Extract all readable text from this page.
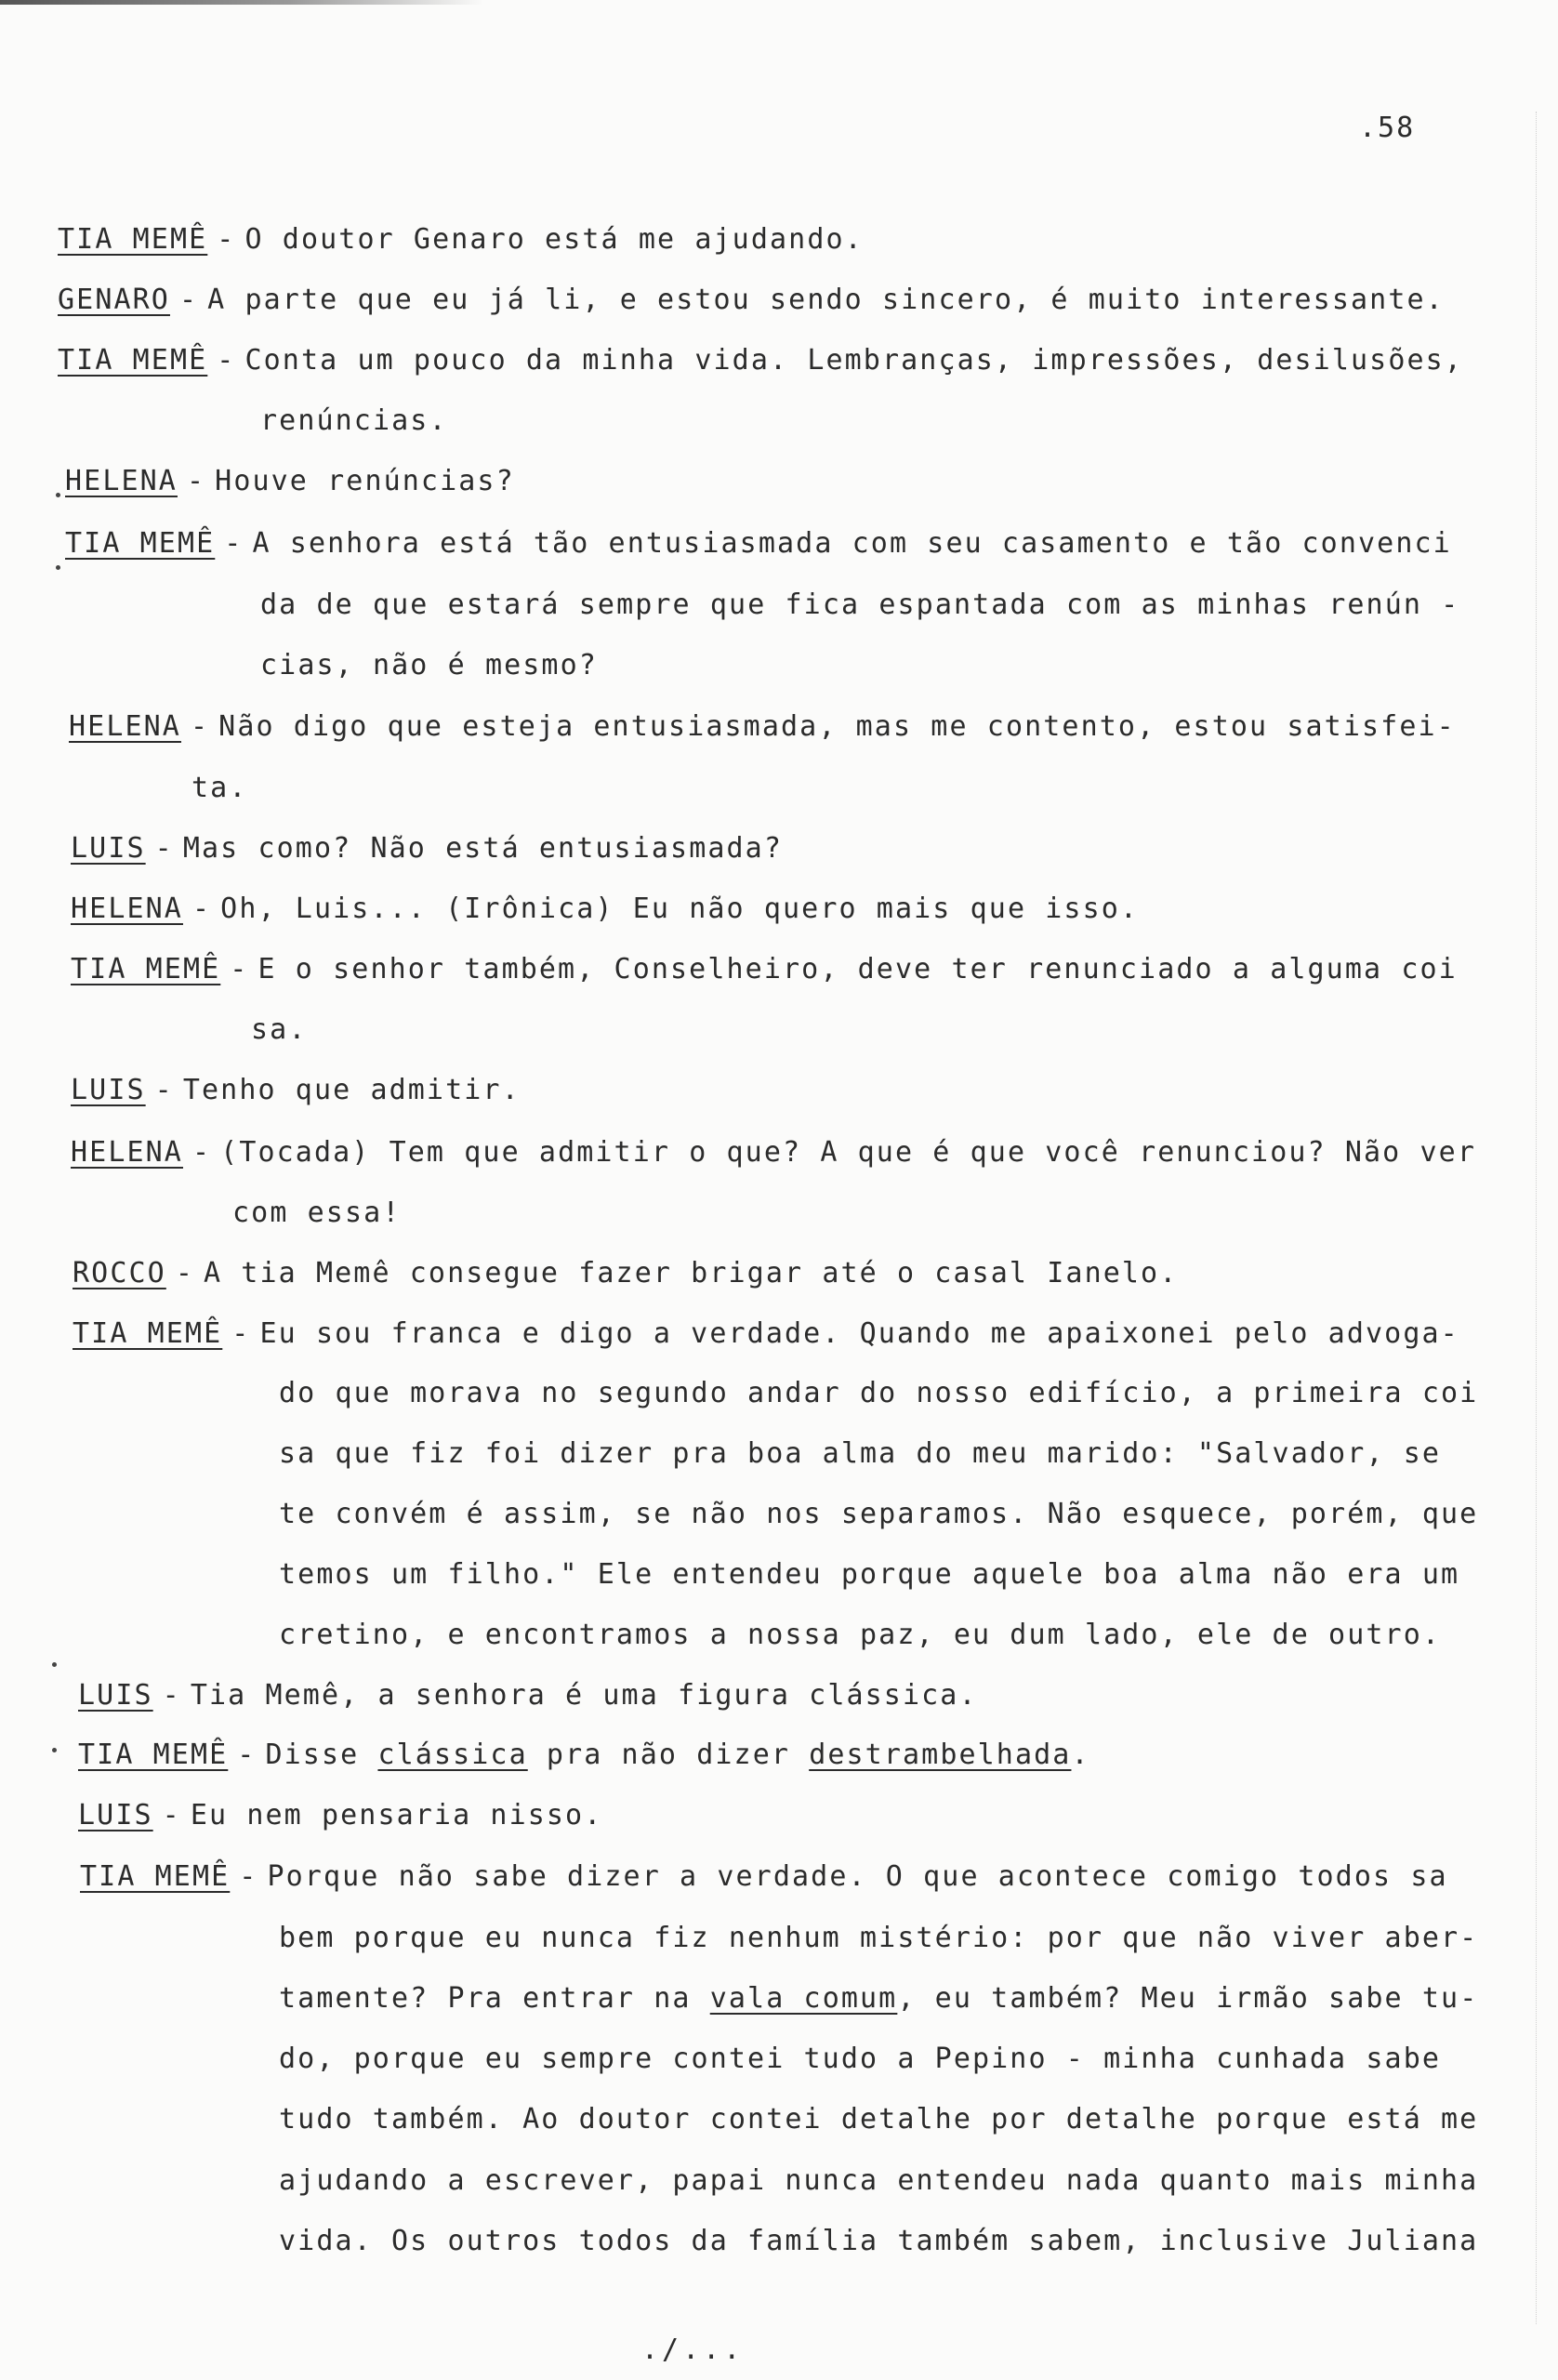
.58
TIA MEMÊ - O doutor Genaro está me ajudando.
GENARO - A parte que eu já li, e estou sendo sincero, é muito interessante.
TIA MEMÊ - Conta um pouco da minha vida. Lembranças, impressões, desilusões,
renúncias.
HELENA - Houve renúncias?
TIA MEMÊ - A senhora está tão entusiasmada com seu casamento e tão convenci
da de que estará sempre que fica espantada com as minhas renún -
cias, não é mesmo?
HELENA - Não digo que esteja entusiasmada, mas me contento, estou satisfei-
ta.
LUIS - Mas como? Não está entusiasmada?
HELENA - Oh, Luis... (Irônica) Eu não quero mais que isso.
TIA MEMÊ - E o senhor também, Conselheiro, deve ter renunciado a alguma coi
sa.
LUIS - Tenho que admitir.
HELENA - (Tocada) Tem que admitir o que? A que é que você renunciou? Não ver
com essa!
ROCCO - A tia Memê consegue fazer brigar até o casal Ianelo.
TIA MEMÊ - Eu sou franca e digo a verdade. Quando me apaixonei pelo advoga-
do que morava no segundo andar do nosso edifício, a primeira coi
sa que fiz foi dizer pra boa alma do meu marido: "Salvador, se
te convém é assim, se não nos separamos. Não esquece, porém, que
temos um filho." Ele entendeu porque aquele boa alma não era um
cretino, e encontramos a nossa paz, eu dum lado, ele de outro.
LUIS - Tia Memê, a senhora é uma figura clássica.
TIA MEMÊ - Disse clássica pra não dizer destrambelhada.
LUIS - Eu nem pensaria nisso.
TIA MEMÊ - Porque não sabe dizer a verdade. O que acontece comigo todos sa
bem porque eu nunca fiz nenhum mistério: por que não viver aber-
tamente? Pra entrar na vala comum, eu também? Meu irmão sabe tu-
do, porque eu sempre contei tudo a Pepino - minha cunhada sabe
tudo também. Ao doutor contei detalhe por detalhe porque está me
ajudando a escrever, papai nunca entendeu nada quanto mais minha
vida. Os outros todos da família também sabem, inclusive Juliana
./...
